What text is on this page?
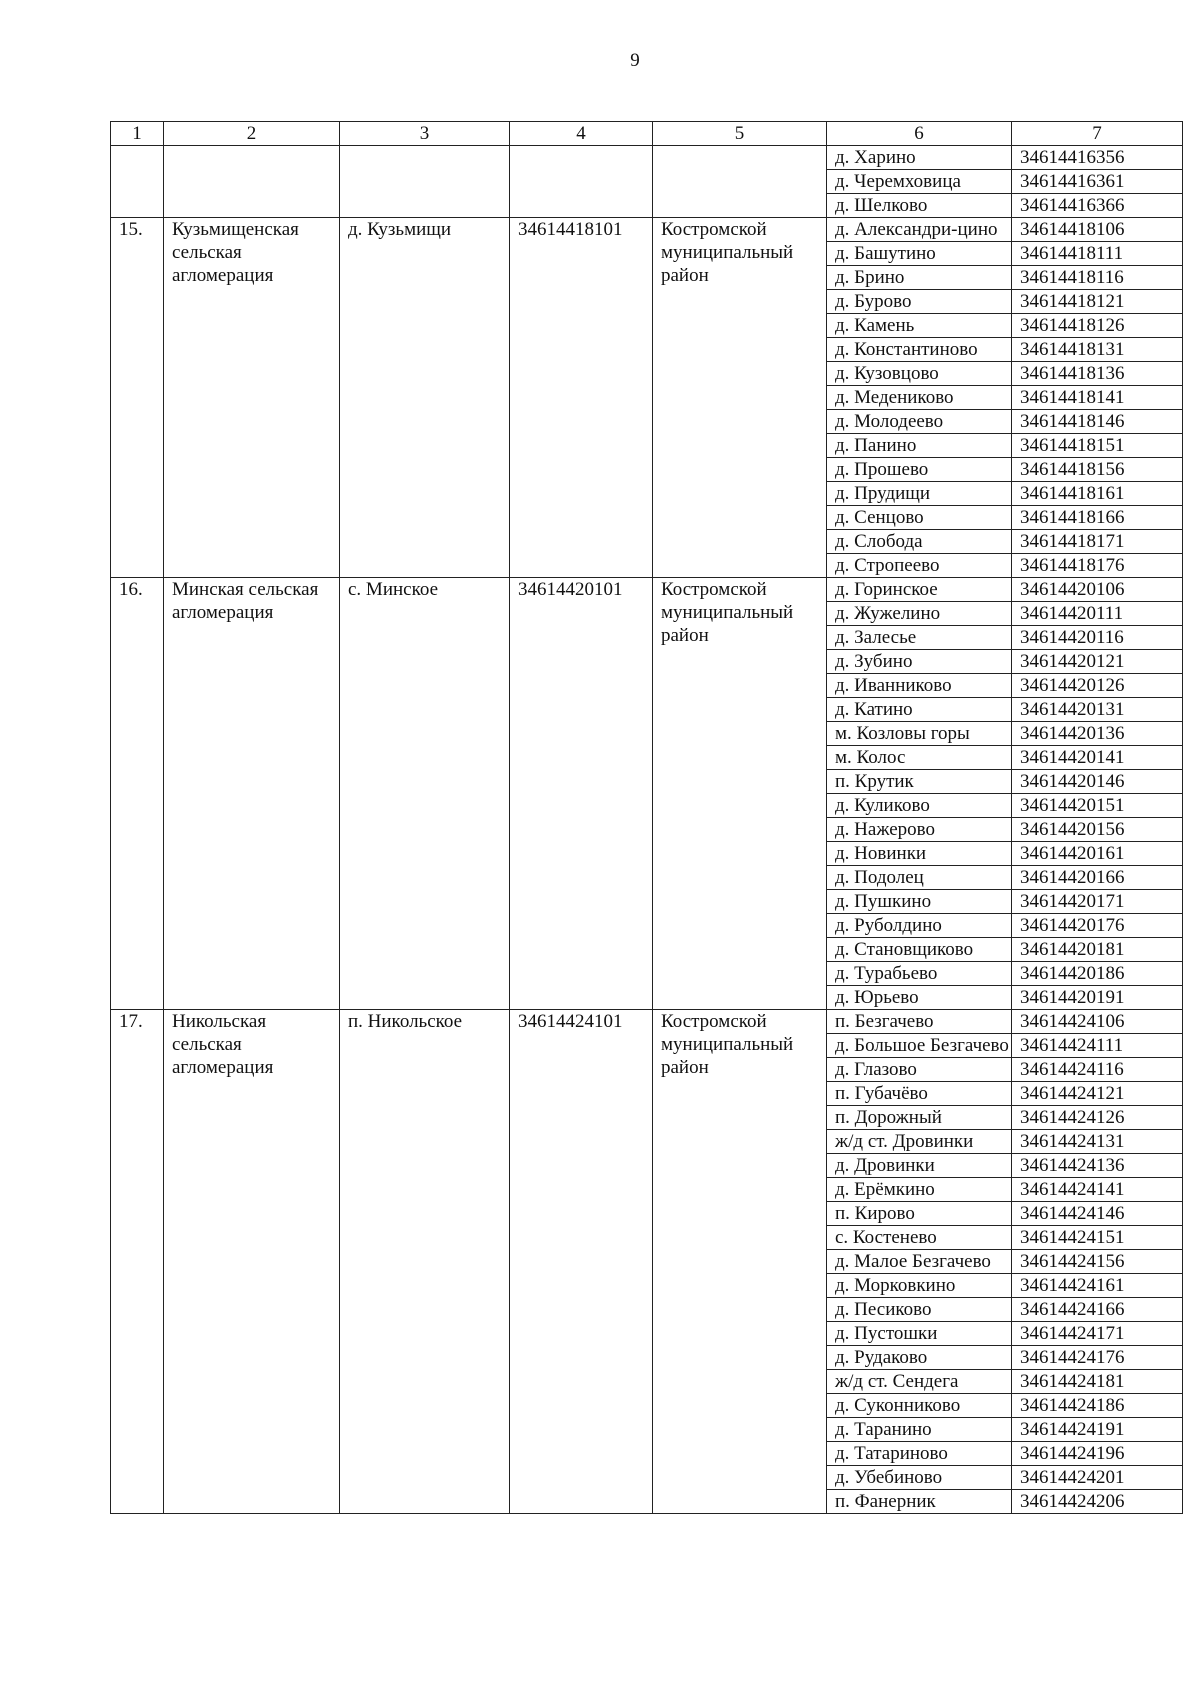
9
1	2	3	4	5	6	7
					д. Харино	34614416356
					д. Черемховица	34614416361
					д. Шелково	34614416366
15.	Кузьмищенская сельская агломерация	д. Кузьмищи	34614418101	Костромской муниципальный район	д. Александри-цино	34614418106
					д. Башутино	34614418111
					д. Брино	34614418116
					д. Бурово	34614418121
					д. Камень	34614418126
					д. Константиново	34614418131
					д. Кузовцово	34614418136
					д. Медениково	34614418141
					д. Молодеево	34614418146
					д. Панино	34614418151
					д. Прошево	34614418156
					д. Прудищи	34614418161
					д. Сенцово	34614418166
					д. Слобода	34614418171
					д. Стропеево	34614418176
16.	Минская сельская агломерация	с. Минское	34614420101	Костромской муниципальный район	д. Горинское	34614420106
					д. Жужелино	34614420111
					д. Залесье	34614420116
					д. Зубино	34614420121
					д. Иванниково	34614420126
					д. Катино	34614420131
					м. Козловы горы	34614420136
					м. Колос	34614420141
					п. Крутик	34614420146
					д. Куликово	34614420151
					д. Нажерово	34614420156
					д. Новинки	34614420161
					д. Подолец	34614420166
					д. Пушкино	34614420171
					д. Руболдино	34614420176
					д. Становщиково	34614420181
					д. Турабьево	34614420186
					д. Юрьево	34614420191
17.	Никольская сельская агломерация	п. Никольское	34614424101	Костромской муниципальный район	п. Безгачево	34614424106
					д. Большое Безгачево	34614424111
					д. Глазово	34614424116
					п. Губачёво	34614424121
					п. Дорожный	34614424126
					ж/д ст. Дровинки	34614424131
					д. Дровинки	34614424136
					д. Ерёмкино	34614424141
					п. Кирово	34614424146
					с. Костенево	34614424151
					д. Малое Безгачево	34614424156
					д. Морковкино	34614424161
					д. Песиково	34614424166
					д. Пустошки	34614424171
					д. Рудаково	34614424176
					ж/д ст. Сендега	34614424181
					д. Суконниково	34614424186
					д. Таранино	34614424191
					д. Татариново	34614424196
					д. Убебиново	34614424201
					п. Фанерник	34614424206
